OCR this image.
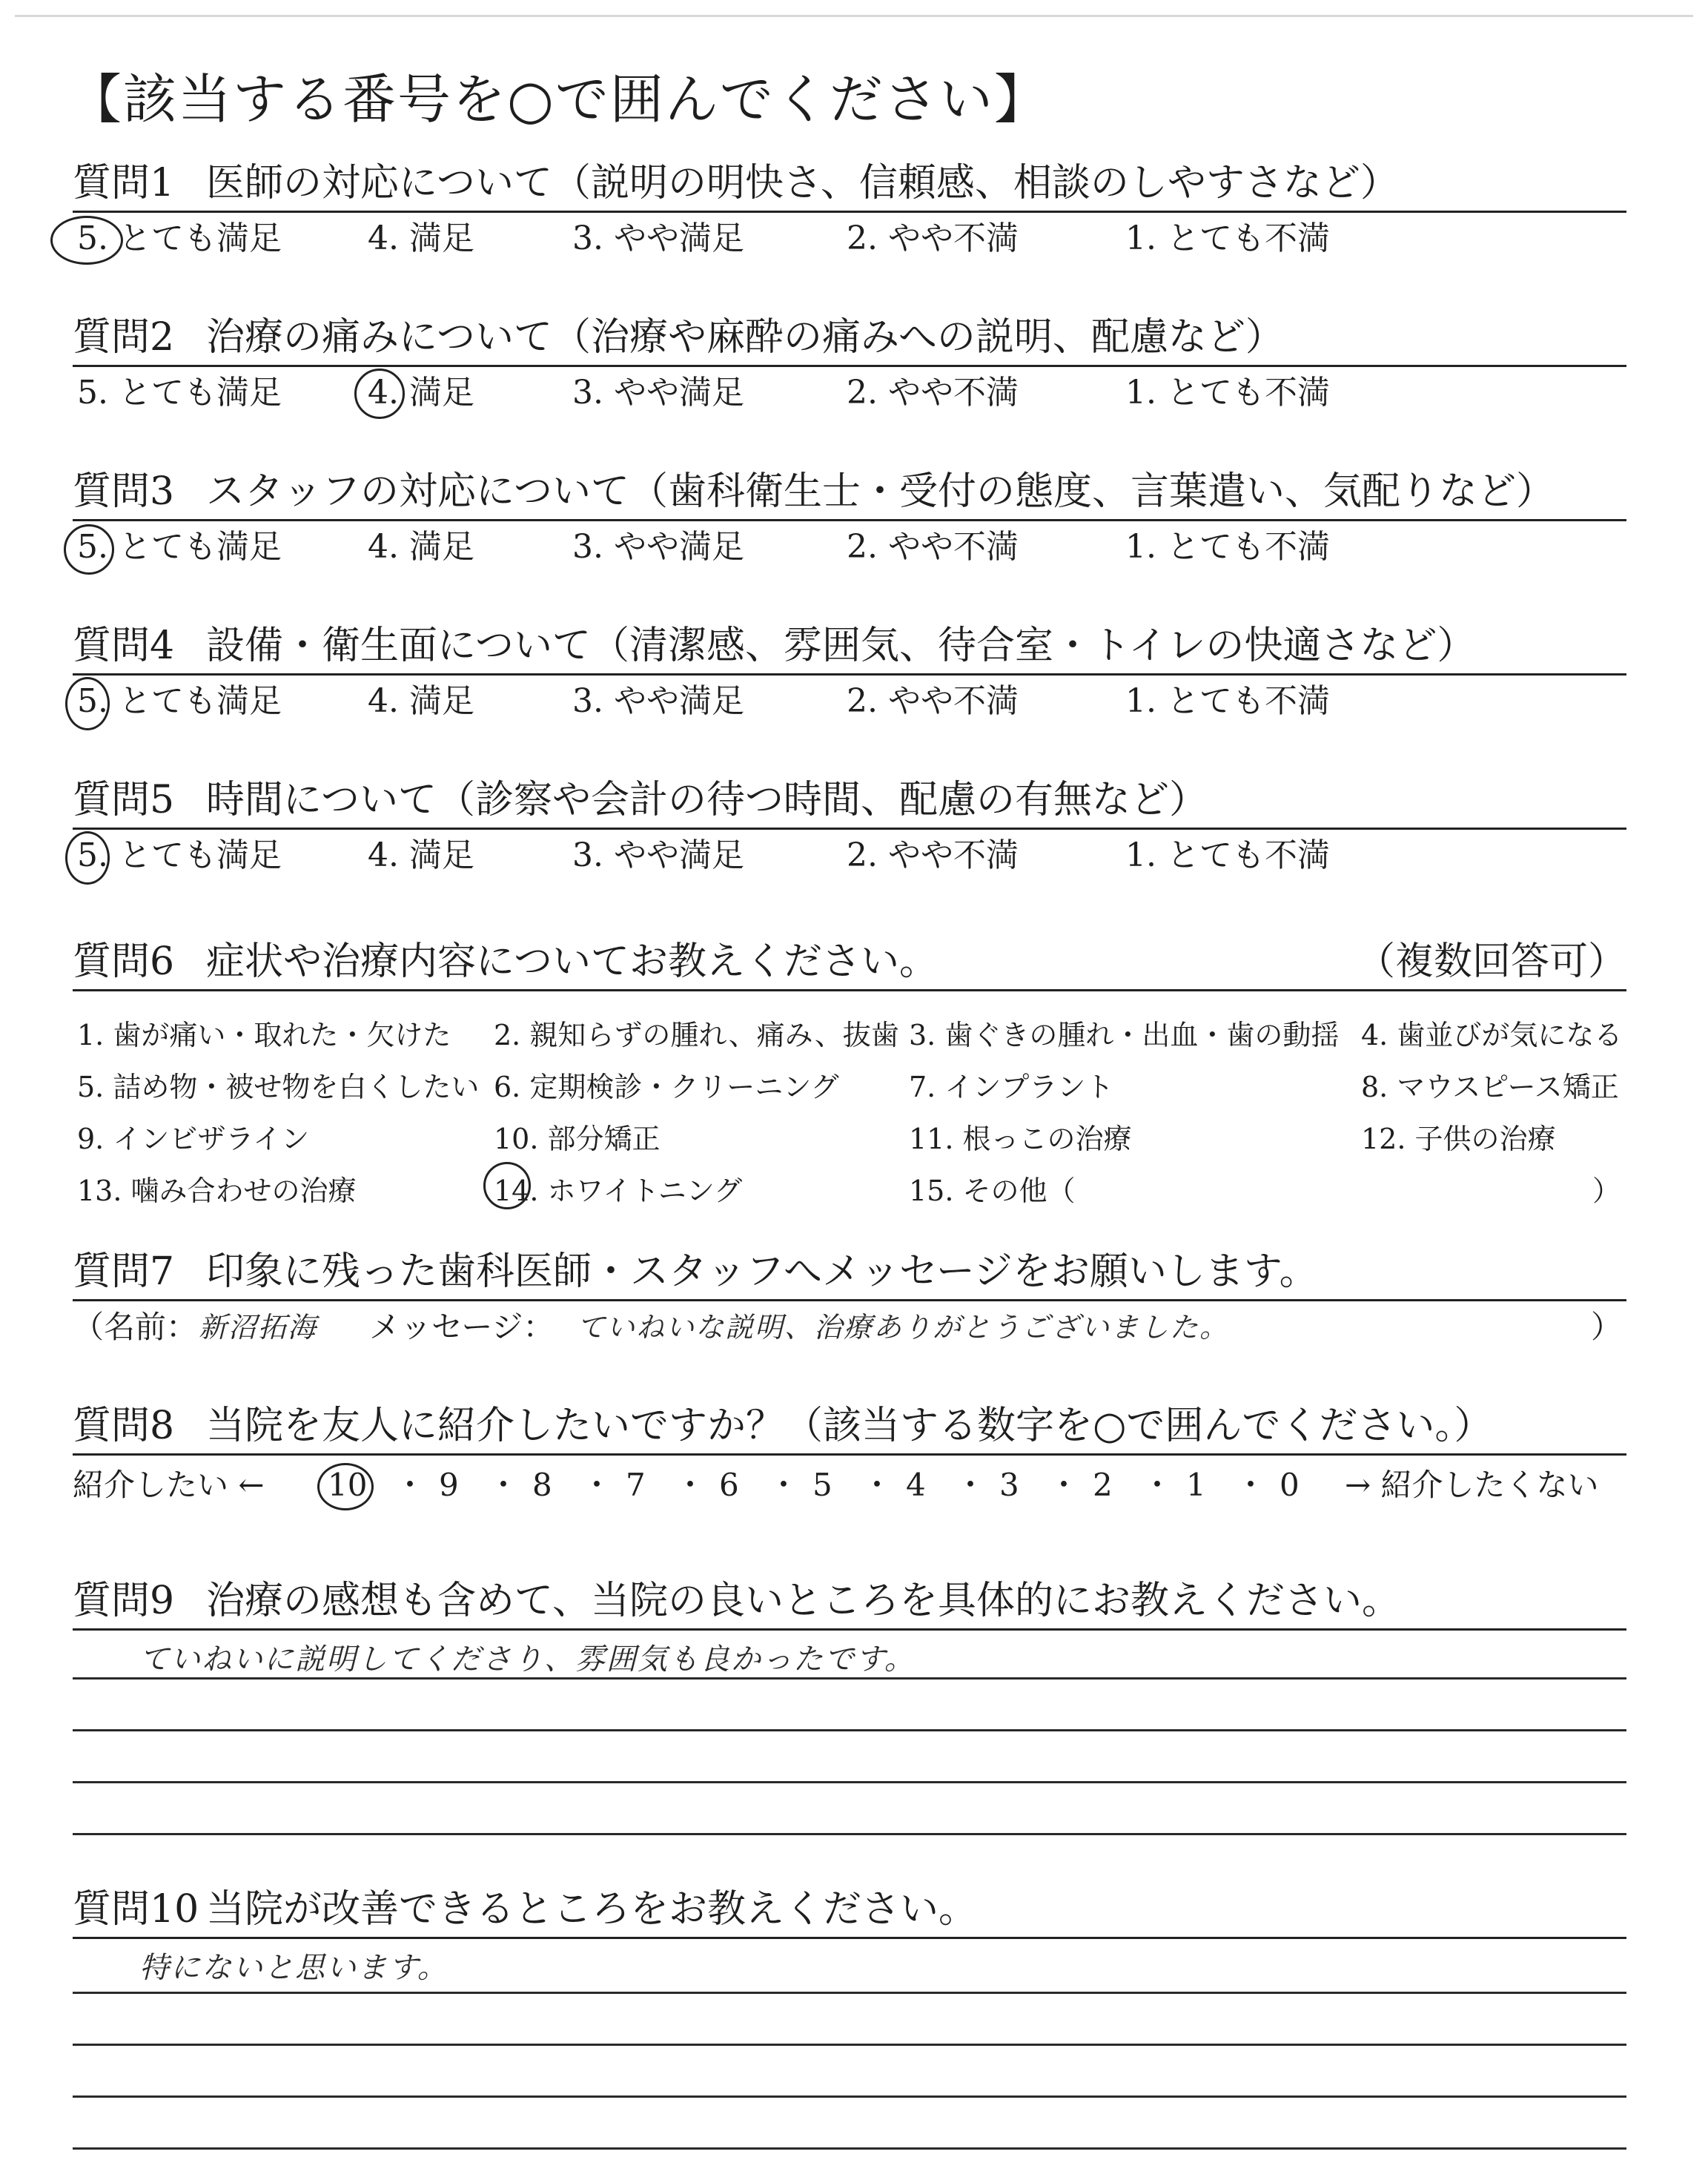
【該当する番号を○で囲んでください】
質問1 医師の対応について（説明の明快さ、信頼感、相談のしやすさなど）
5. とても満足	4. 満足	3. やや満足	2. やや不満	1. とても不満
質問2 治療の痛みについて（治療や麻酔の痛みへの説明、配慮など）
5. とても満足	4. 満足	3. やや満足	2. やや不満	1. とても不満
質問3 スタッフの対応について（歯科衛生士・受付の態度、言葉遣い、気配りなど）
5. とても満足	4. 満足	3. やや満足	2. やや不満	1. とても不満
質問4 設備・衛生面について（清潔感、雰囲気、待合室・トイレの快適さなど）
5. とても満足	4. 満足	3. やや満足	2. やや不満	1. とても不満
質問5 時間について（診察や会計の待つ時間、配慮の有無など）
5. とても満足	4. 満足	3. やや満足	2. やや不満	1. とても不満
質問6 症状や治療内容についてお教えください。	（複数回答可）
1. 歯が痛い・取れた・欠けた 2. 親知らずの腫れ、痛み、抜歯 3. 歯ぐきの腫れ・出血・歯の動揺 4. 歯並びが気になる
5. 詰め物・被せ物を白くしたい 6. 定期検診・クリーニング 7. インプラント	8. マウスピース矯正
9. インビザライン	10. 部分矯正	11. 根っこの治療	12. 子供の治療
13. 噛み合わせの治療	14. ホワイトニング	15. その他（	）
質問7 印象に残った歯科医師・スタッフへメッセージをお願いします。
（名前： 新沼拓海 メッセージ： ていねいな説明、治療ありがとうございました。	）
質問8 当院を友人に紹介したいですか？（該当する数字を○で囲んでください。）
紹介したい ← 10 ・ 9 ・ 8 ・ 7 ・ 6 ・ 5 ・ 4 ・ 3 ・ 2 ・ 1 ・ 0 → 紹介したくない
質問9 治療の感想も含めて、当院の良いところを具体的にお教えください。
ていねいに説明してくださり、雰囲気も良かったです。
質問10 当院が改善できるところをお教えください。
特にないと思います。
